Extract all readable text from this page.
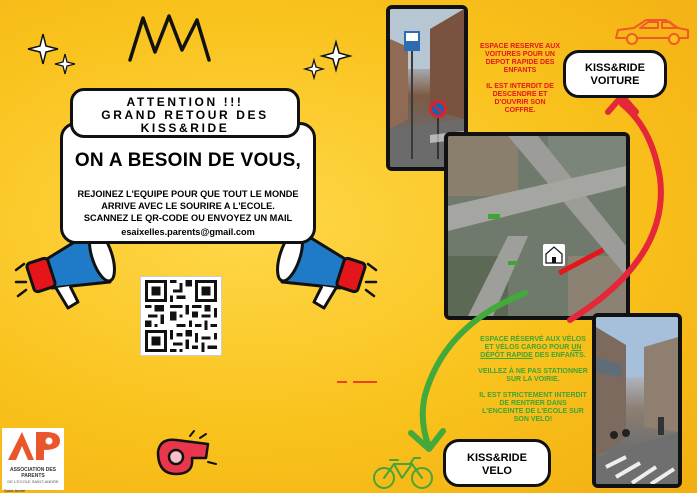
ATTENTION !!!
GRAND RETOUR DES
KISS&RIDE
ON A BESOIN DE VOUS,
REJOINEZ L'EQUIPE POUR QUE TOUT LE MONDE
ARRIVE AVEC LE SOURIRE A L'ECOLE.
SCANNEZ LE QR-CODE OU ENVOYEZ UN MAIL
esaixelles.parents@gmail.com
ASSOCIATION DES PARENTS
DE L'ECOLE SAINT-ANDRE
Saint-André
ESPACE RESERVE AUX VOITURES POUR UN DEPOT RAPIDE DES ENFANTS
IL EST INTERDIT DE DESCENDRE ET D'OUVRIR SON COFFRE.
ESPACE RÉSERVÉ AUX VÉLOS ET VÉLOS CARGO POUR UN DÉPÔT RAPIDE DES ENFANTS.
VEILLEZ À NE PAS STATIONNER SUR LA VOIRIE.
IL EST STRICTEMENT INTERDIT DE RENTRER DANS L'ENCEINTE DE L'ECOLE SUR SON VELO!
KISS&RIDE
VOITURE
KISS&RIDE
VELO
